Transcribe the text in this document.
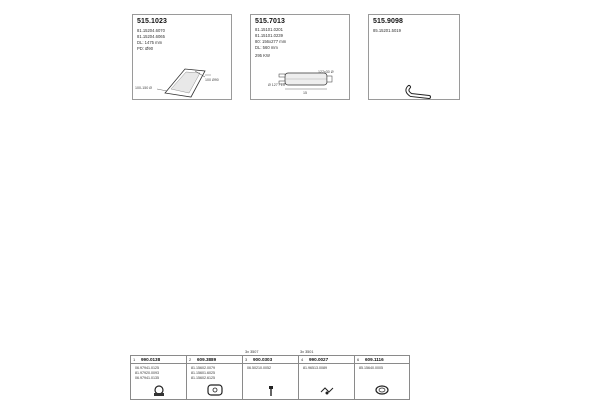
515.1023
81.15204.6070
81.15204.6065
DL: 1475 mm
PD: Ø90
100-150 Ø
100 Ø90
515.7013
81.15101.0201
81.15101.0239
80: 156x277 mm
DL: 560 mm
295 KW
Ø 127 / 13
127x30 Ø
15
515.9098
85.15201.5019
3x 3507	3x 3501
1 990.0138
06.97941.0125
81.97920.0093
06.97941.0135
2 609.3889
81.15602.0079
81.15601.6025
81.15602.6125
3 900.0303
06.50210.0052
4 990.0027
81.96513.0089
6 609.1116
85.15640.0005
